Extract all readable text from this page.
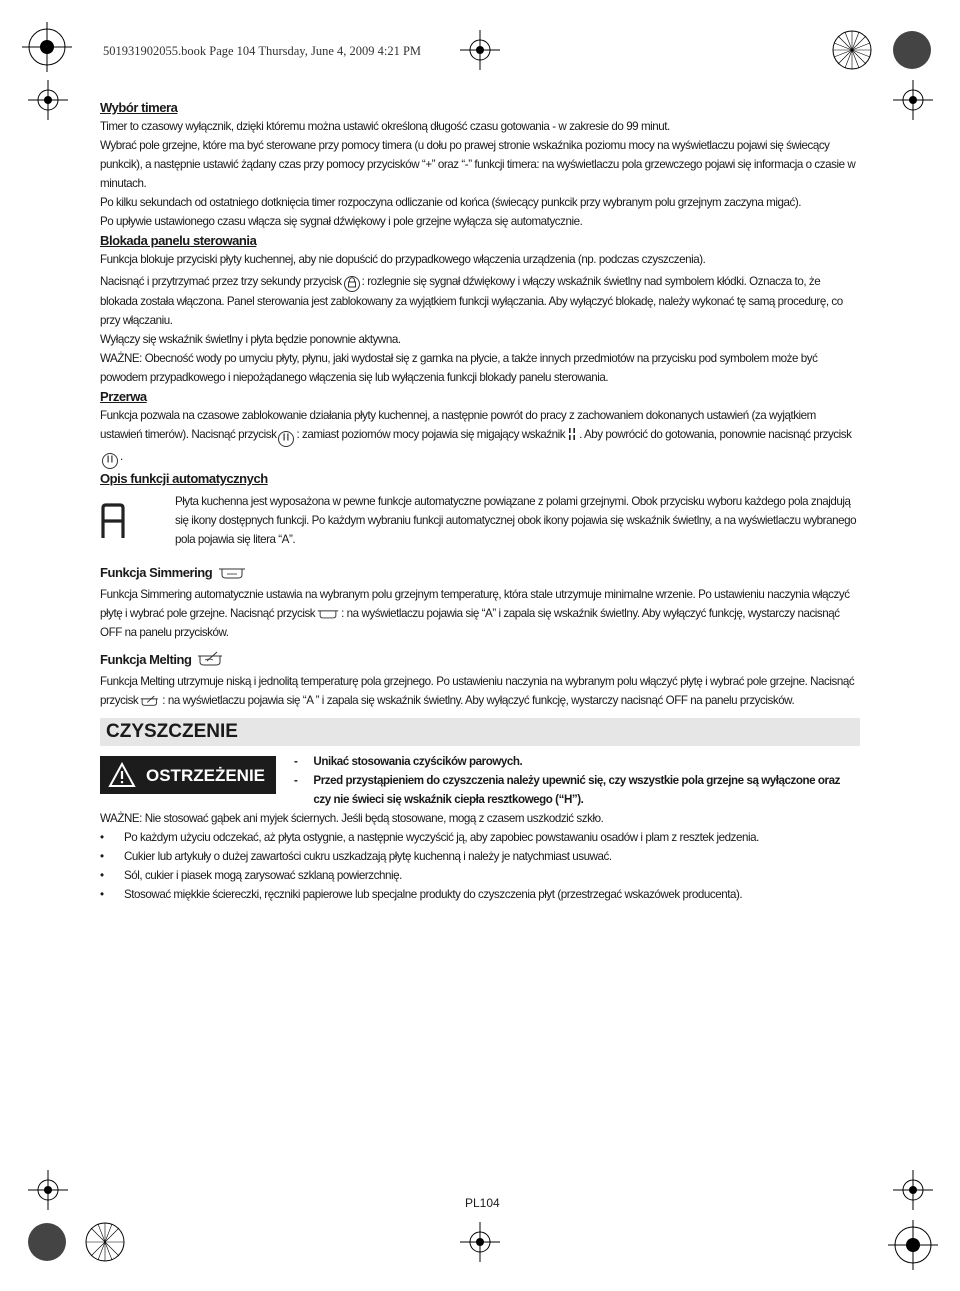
501931902055.book Page 104 Thursday, June 4, 2009 4:21 PM

Wybór timera

Timer to czasowy wyłącznik, dzięki któremu można ustawić określoną długość czasu gotowania - w zakresie do 99 minut.

Wybrać pole grzejne, które ma być sterowane przy pomocy timera (u dołu po prawej stronie wskaźnika poziomu mocy na wyświetlaczu pojawi się świecący punkcik), a następnie ustawić żądany czas przy pomocy przycisków “+” oraz “-” funkcji timera: na wyświetlaczu pola grzewczego pojawi się informacja o czasie w minutach.

Po kilku sekundach od ostatniego dotknięcia timer rozpoczyna odliczanie od końca (świecący punkcik przy wybranym polu grzejnym zaczyna migać).

Po upływie ustawionego czasu włącza się sygnał dźwiękowy i pole grzejne wyłącza się automatycznie.

Blokada panelu sterowania

Funkcja blokuje przyciski płyty kuchennej, aby nie dopuścić do przypadkowego włączenia urządzenia (np. podczas czyszczenia).

Nacisnąć i przytrzymać przez trzy sekundy przycisk : rozlegnie się sygnał dźwiękowy i włączy wskaźnik świetlny nad symbolem kłódki. Oznacza to, że blokada została włączona. Panel sterowania jest zablokowany za wyjątkiem funkcji wyłączania. Aby wyłączyć blokadę, należy wykonać tę samą procedurę, co przy włączaniu.

Wyłączy się wskaźnik świetlny i płyta będzie ponownie aktywna.

WAŻNE: Obecność wody po umyciu płyty, płynu, jaki wydostał się z garnka na płycie, a także innych przedmiotów na przycisku pod symbolem może być powodem przypadkowego i niepożądanego włączenia się lub wyłączenia funkcji blokady panelu sterowania.

Przerwa

Funkcja pozwala na czasowe zablokowanie działania płyty kuchennej, a następnie powrót do pracy z zachowaniem dokonanych ustawień (za wyjątkiem ustawień timerów). Nacisnąć przycisk : zamiast poziomów mocy pojawia się migający wskaźnik . Aby powrócić do gotowania, ponownie nacisnąć przycisk.

Opis funkcji automatycznych

Płyta kuchenna jest wyposażona w pewne funkcje automatyczne powiązane z polami grzejnymi. Obok przycisku wyboru każdego pola znajdują się ikony dostępnych funkcji. Po każdym wybraniu funkcji automatycznej obok ikony pojawia się wskaźnik świetlny, a na wyświetlaczu wybranego pola pojawia się litera “A”.

Funkcja Simmering

Funkcja Simmering automatycznie ustawia na wybranym polu grzejnym temperaturę, która stale utrzymuje minimalne wrzenie. Po ustawieniu naczynia włączyć płytę i wybrać pole grzejne. Nacisnąć przycisk : na wyświetlaczu pojawia się “A” i zapala się wskaźnik świetlny. Aby wyłączyć funkcję, wystarczy nacisnąć OFF na panelu przycisków.

Funkcja Melting

Funkcja Melting utrzymuje niską i jednolitą temperaturę pola grzejnego. Po ustawieniu naczynia na wybranym polu włączyć płytę i wybrać pole grzejne. Nacisnąć przycisk : na wyświetlaczu pojawia się “A ” i zapala się wskaźnik świetlny. Aby wyłączyć funkcję, wystarczy nacisnąć OFF na panelu przycisków.

CZYSZCZENIE
OSTRZEŻENIE
- Unikać stosowania czyścików parowych.
- Przed przystąpieniem do czyszczenia należy upewnić się, czy wszystkie pola grzejne są wyłączone oraz czy nie świeci się wskaźnik ciepła resztkowego (“H”).

WAŻNE: Nie stosować gąbek ani myjek ściernych. Jeśli będą stosowane, mogą z czasem uszkodzić szkło.

• Po każdym użyciu odczekać, aż płyta ostygnie, a następnie wyczyścić ją, aby zapobiec powstawaniu osadów i plam z resztek jedzenia.
• Cukier lub artykuły o dużej zawartości cukru uszkadzają płytę kuchenną i należy je natychmiast usuwać.
• Sól, cukier i piasek mogą zarysować szklaną powierzchnię.
• Stosować miękkie ściereczki, ręczniki papierowe lub specjalne produkty do czyszczenia płyt (przestrzegać wskazówek producenta).
PL104
